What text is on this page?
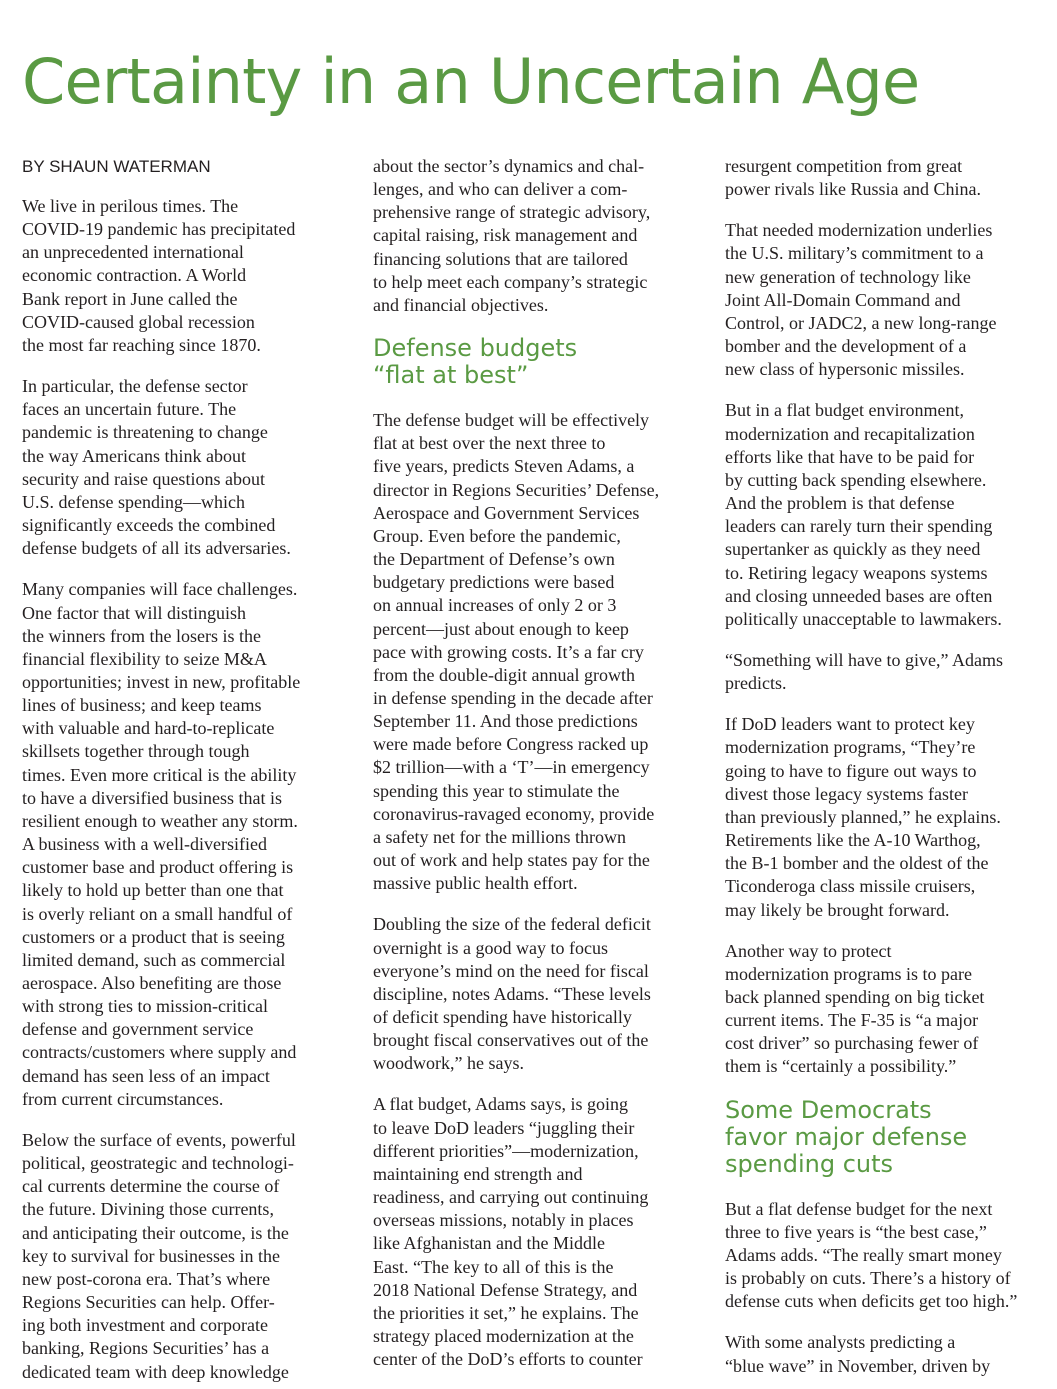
Certainty in an Uncertain Age

BY SHAUN WATERMAN

We live in perilous times. The
COVID-19 pandemic has precipitated
an unprecedented international
economic contraction. A World
Bank report in June called the
COVID-caused global recession
the most far reaching since 1870.
In particular, the defense sector
faces an uncertain future. The
pandemic is threatening to change
the way Americans think about
security and raise questions about
U.S. defense spending—which
significantly exceeds the combined
defense budgets of all its adversaries.
Many companies will face challenges.
One factor that will distinguish
the winners from the losers is the
financial flexibility to seize M&A
opportunities; invest in new, profitable
lines of business; and keep teams
with valuable and hard-to-replicate
skillsets together through tough
times. Even more critical is the ability
to have a diversified business that is
resilient enough to weather any storm.
A business with a well-diversified
customer base and product offering is
likely to hold up better than one that
is overly reliant on a small handful of
customers or a product that is seeing
limited demand, such as commercial
aerospace. Also benefiting are those
with strong ties to mission-critical
defense and government service
contracts/customers where supply and
demand has seen less of an impact
from current circumstances.
Below the surface of events, powerful
political, geostrategic and technologi-
cal currents determine the course of
the future. Divining those currents,
and anticipating their outcome, is the
key to survival for businesses in the
new post-corona era. That’s where
Regions Securities can help. Offer-
ing both investment and corporate
banking, Regions Securities’ has a
dedicated team with deep knowledge
about the sector’s dynamics and chal-
lenges, and who can deliver a com-
prehensive range of strategic advisory,
capital raising, risk management and
financing solutions that are tailored
to help meet each company’s strategic
and financial objectives.
Defense budgets
“flat at best”
The defense budget will be effectively
flat at best over the next three to
five years, predicts Steven Adams, a
director in Regions Securities’ Defense,
Aerospace and Government Services
Group. Even before the pandemic,
the Department of Defense’s own
budgetary predictions were based
on annual increases of only 2 or 3
percent—just about enough to keep
pace with growing costs. It’s a far cry
from the double-digit annual growth
in defense spending in the decade after
September 11. And those predictions
were made before Congress racked up
$2 trillion—with a ‘T’—in emergency
spending this year to stimulate the
coronavirus-ravaged economy, provide
a safety net for the millions thrown
out of work and help states pay for the
massive public health effort.
Doubling the size of the federal deficit
overnight is a good way to focus
everyone’s mind on the need for fiscal
discipline, notes Adams. “These levels
of deficit spending have historically
brought fiscal conservatives out of the
woodwork,” he says.
A flat budget, Adams says, is going
to leave DoD leaders “juggling their
different priorities”—modernization,
maintaining end strength and
readiness, and carrying out continuing
overseas missions, notably in places
like Afghanistan and the Middle
East. “The key to all of this is the
2018 National Defense Strategy, and
the priorities it set,” he explains. The
strategy placed modernization at the
center of the DoD’s efforts to counter
resurgent competition from great
power rivals like Russia and China.
That needed modernization underlies
the U.S. military’s commitment to a
new generation of technology like
Joint All-Domain Command and
Control, or JADC2, a new long-range
bomber and the development of a
new class of hypersonic missiles.
But in a flat budget environment,
modernization and recapitalization
efforts like that have to be paid for
by cutting back spending elsewhere.
And the problem is that defense
leaders can rarely turn their spending
supertanker as quickly as they need
to. Retiring legacy weapons systems
and closing unneeded bases are often
politically unacceptable to lawmakers.
“Something will have to give,” Adams
predicts.
If DoD leaders want to protect key
modernization programs, “They’re
going to have to figure out ways to
divest those legacy systems faster
than previously planned,” he explains.
Retirements like the A-10 Warthog,
the B-1 bomber and the oldest of the
Ticonderoga class missile cruisers,
may likely be brought forward.
Another way to protect
modernization programs is to pare
back planned spending on big ticket
current items. The F-35 is “a major
cost driver” so purchasing fewer of
them is “certainly a possibility.”
Some Democrats
favor major defense
spending cuts
But a flat defense budget for the next
three to five years is “the best case,”
Adams adds. “The really smart money
is probably on cuts. There’s a history of
defense cuts when deficits get too high.”
With some analysts predicting a
“blue wave” in November, driven by
